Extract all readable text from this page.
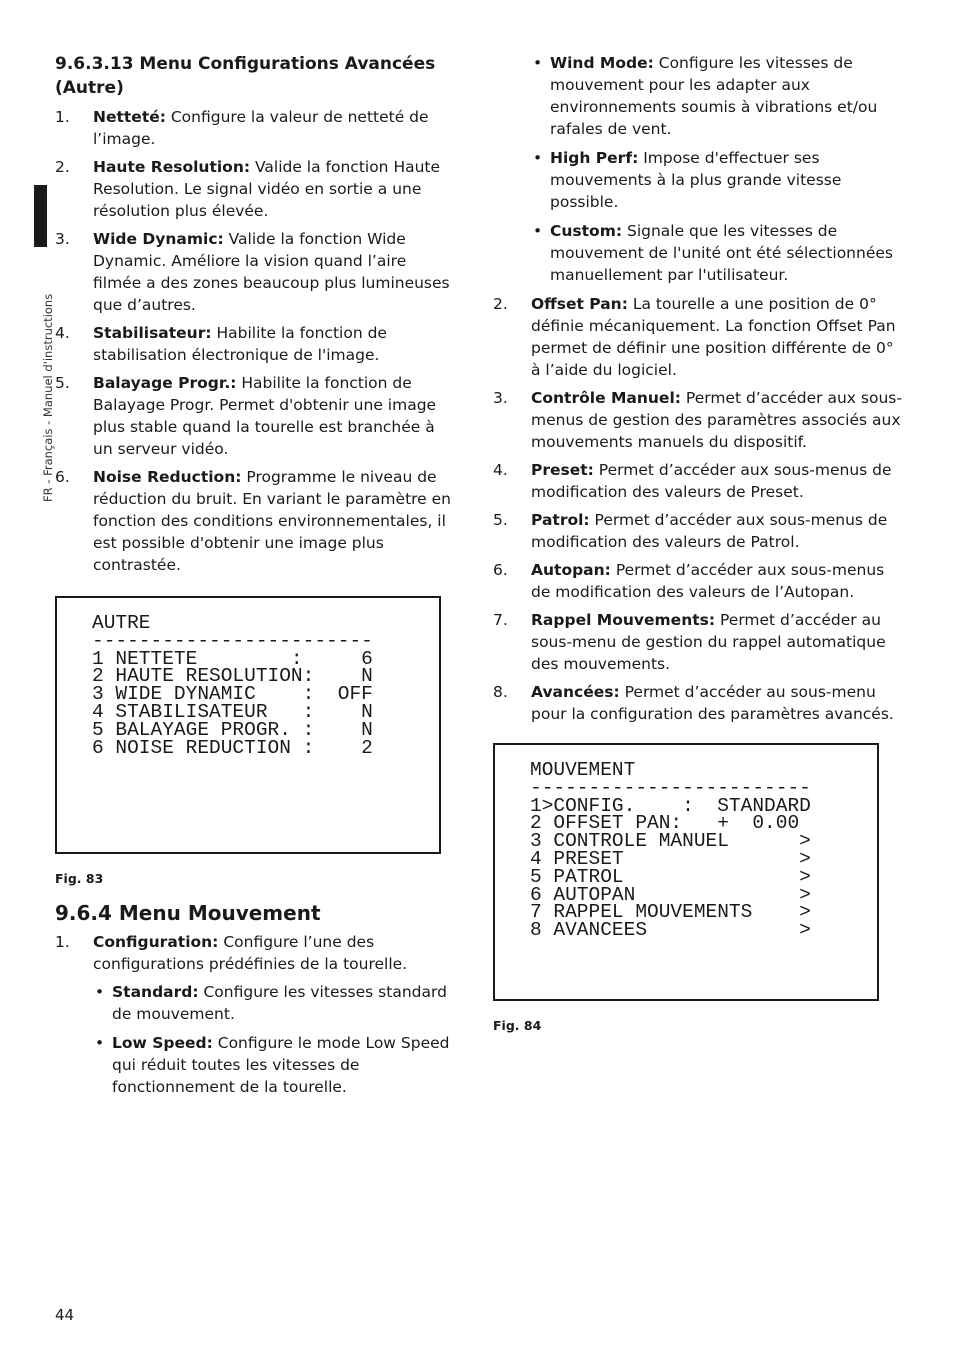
FR - Français - Manuel d'instructions
9.6.3.13 Menu Configurations Avancées (Autre)
1. Netteté: Configure la valeur de netteté de l’image.
2. Haute Resolution: Valide la fonction Haute Resolution. Le signal vidéo en sortie a une résolution plus élevée.
3. Wide Dynamic: Valide la fonction Wide Dynamic. Améliore la vision quand l’aire filmée a des zones beaucoup plus lumineuses que d’autres.
4. Stabilisateur: Habilite la fonction de stabilisation électronique de l'image.
5. Balayage Progr.: Habilite la fonction de Balayage Progr. Permet d'obtenir une image plus stable quand la tourelle est branchée à un serveur vidéo.
6. Noise Reduction: Programme le niveau de réduction du bruit. En variant le paramètre en fonction des conditions environnementales, il est possible d'obtenir une image plus contrastée.
AUTRE
------------------------
1 NETTETE        :     6
2 HAUTE RESOLUTION:    N
3 WIDE DYNAMIC    :  OFF
4 STABILISATEUR   :    N
5 BALAYAGE PROGR. :    N
6 NOISE REDUCTION :    2
Fig. 83
9.6.4 Menu Mouvement
1. Configuration: Configure l’une des configurations prédéfinies de la tourelle.
• Standard: Configure les vitesses standard de mouvement.
• Low Speed: Configure le mode Low Speed qui réduit toutes les vitesses de fonctionnement de la tourelle.
• Wind Mode: Configure les vitesses de mouvement pour les adapter aux environnements soumis à vibrations et/ou rafales de vent.
• High Perf: Impose d'effectuer ses mouvements à la plus grande vitesse possible.
• Custom: Signale que les vitesses de mouvement de l'unité ont été sélectionnées manuellement par l'utilisateur.
2. Offset Pan: La tourelle a une position de 0° définie mécaniquement. La fonction Offset Pan permet de définir une position différente de 0° à l’aide du logiciel.
3. Contrôle Manuel: Permet d’accéder aux sous-menus de gestion des paramètres associés aux mouvements manuels du dispositif.
4. Preset: Permet d’accéder aux sous-menus de modification des valeurs de Preset.
5. Patrol: Permet d’accéder aux sous-menus de modification des valeurs de Patrol.
6. Autopan: Permet d’accéder aux sous-menus de modification des valeurs de l’Autopan.
7. Rappel Mouvements: Permet d’accéder au sous-menu de gestion du rappel automatique des mouvements.
8. Avancées: Permet d’accéder au sous-menu pour la configuration des paramètres avancés.
MOUVEMENT
------------------------
1>CONFIG.    :  STANDARD
2 OFFSET PAN:   +  0.00
3 CONTROLE MANUEL      >
4 PRESET               >
5 PATROL               >
6 AUTOPAN              >
7 RAPPEL MOUVEMENTS    >
8 AVANCEES             >
Fig. 84
44
